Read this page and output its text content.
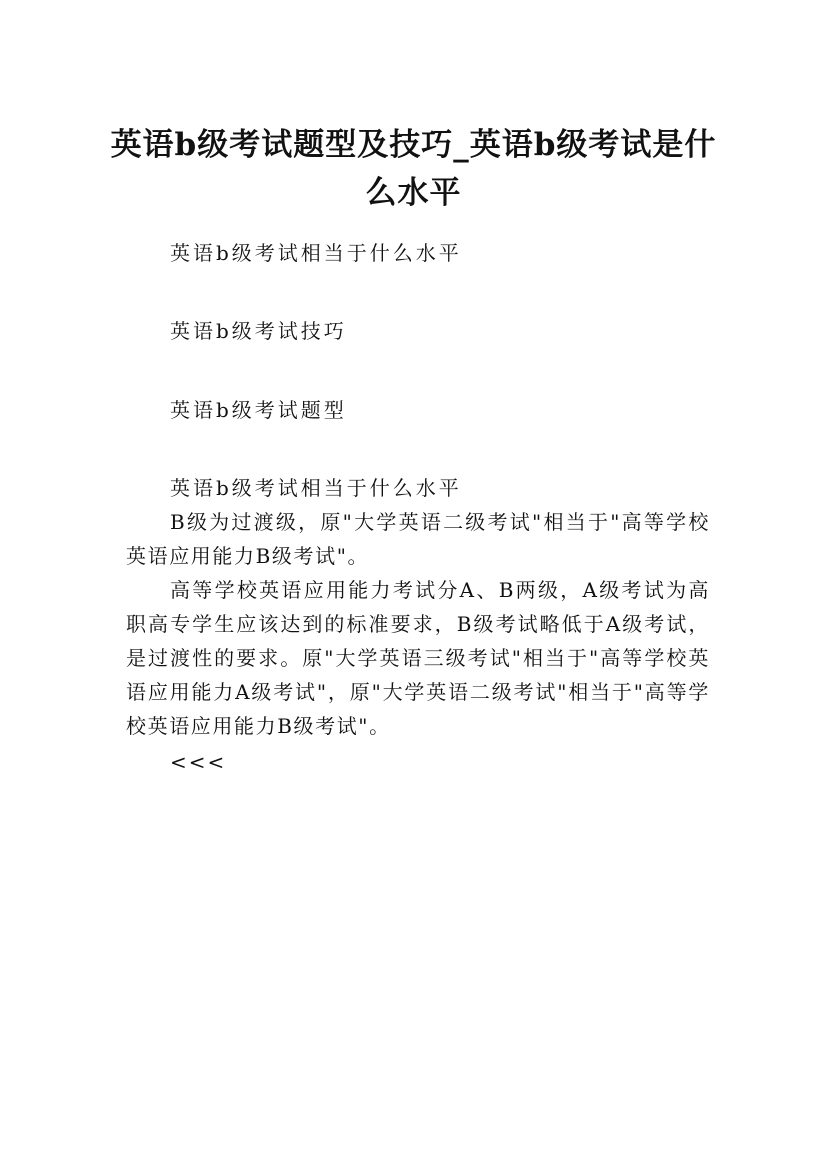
英语b级考试题型及技巧_英语b级考试是什么水平
英语b级考试相当于什么水平
英语b级考试技巧
英语b级考试题型

英语b级考试相当于什么水平

B级为过渡级，原"大学英语二级考试"相当于"高等学校英语应用能力B级考试"。

高等学校英语应用能力考试分A、B两级，A级考试为高职高专学生应该达到的标准要求，B级考试略低于A级考试，是过渡性的要求。原"大学英语三级考试"相当于"高等学校英语应用能力A级考试"，原"大学英语二级考试"相当于"高等学校英语应用能力B级考试"。

<<<
